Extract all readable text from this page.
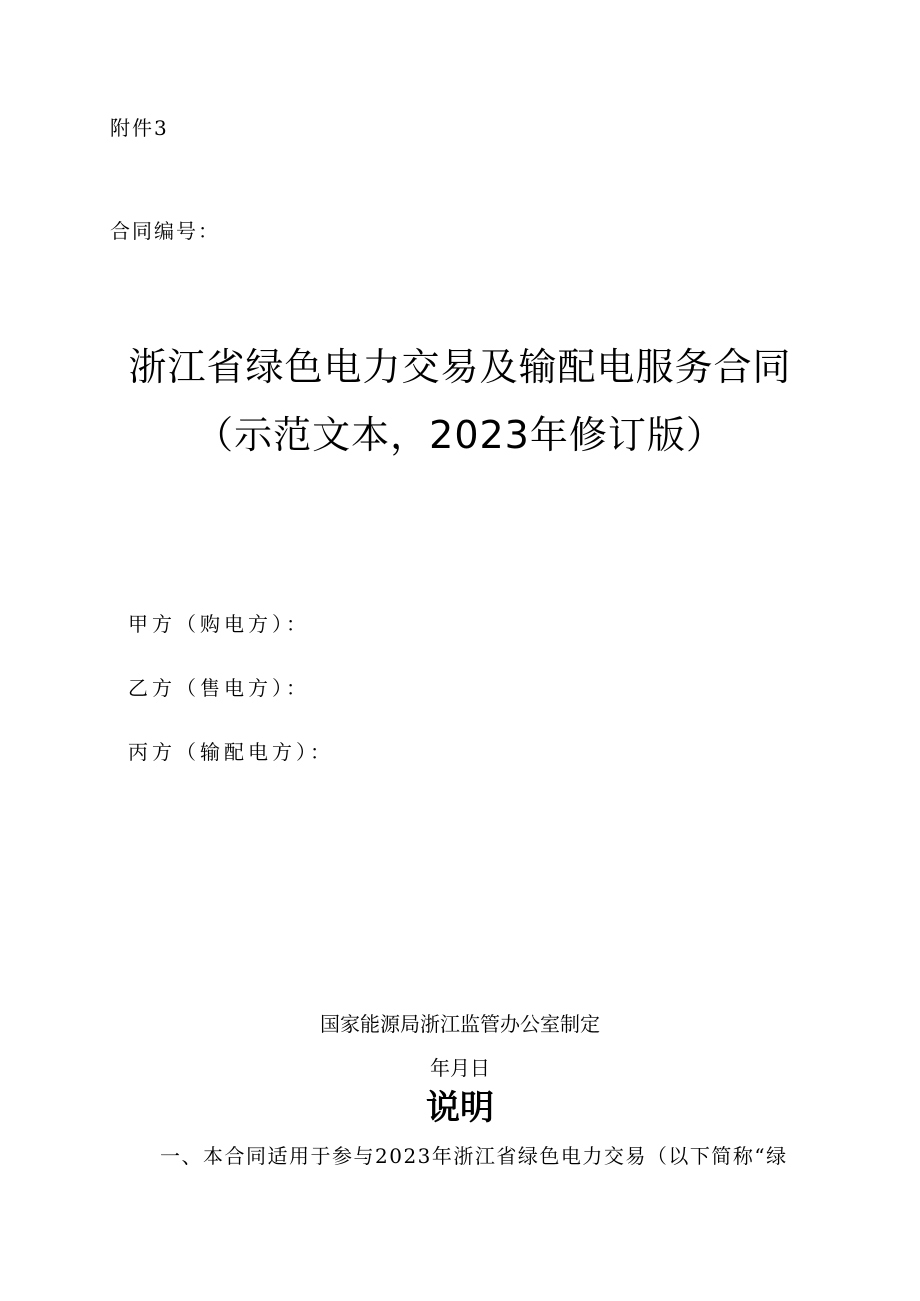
附件3
合同编号：
浙江省绿色电力交易及输配电服务合同
（示范文本，2023年修订版）
甲方（购电方）：
乙方（售电方）：
丙方（输配电方）：
国家能源局浙江监管办公室制定
年月日
说明
一、本合同适用于参与2023年浙江省绿色电力交易（以下简称“绿
